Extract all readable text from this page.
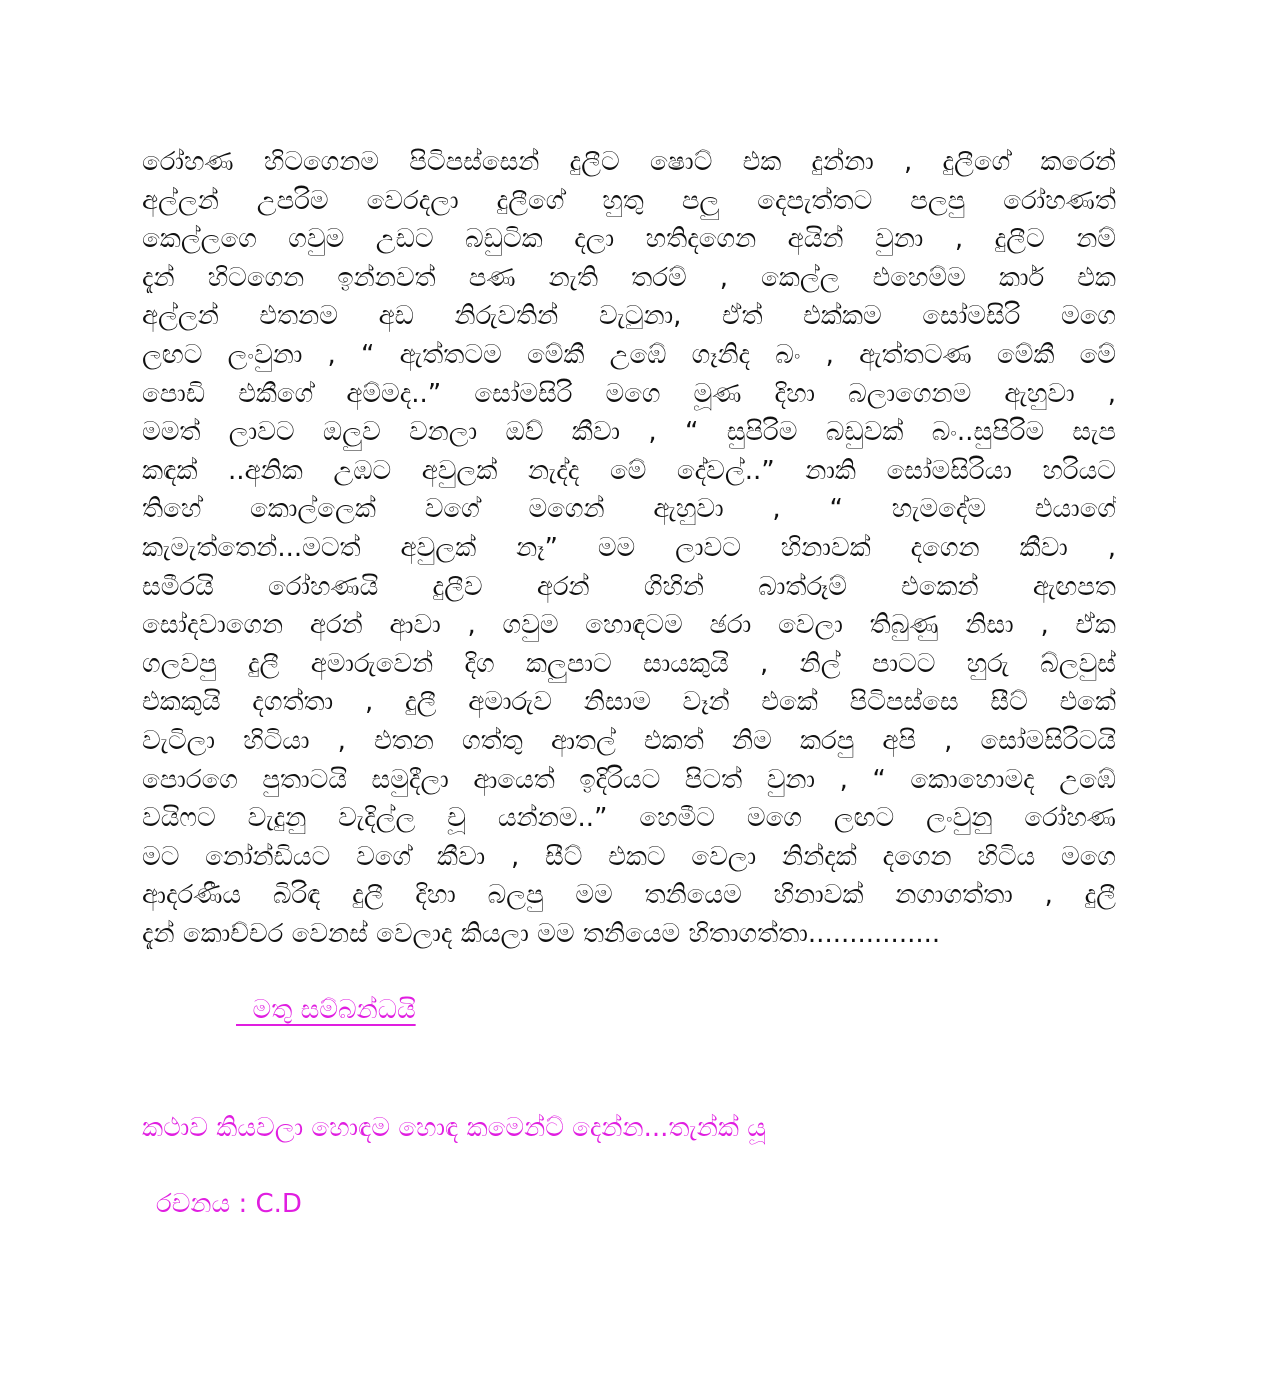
රෝහණ හිටගෙනම පිටිපස්සෙන් දුලීට ෂොට් එක දුන්නා , දුලීගේ කරෙන්
අල්ලන් උපරිම වෙරදලා දුලීගේ හුතු පලු දෙපැත්තට පලපු රෝහණත්
කෙල්ලගෙ ගවුම උඩට බඩුටික දලා හතිදගෙන අයින් වුනා , දුලීට නම්
දැන් හිටගෙන ඉන්නවත් පණ නැති තරම් , කෙල්ල එහෙම්ම කාර් එක
අල්ලන් එතනම අඩ නිරුවතින් වැටුනා, ඒත් එක්කම සෝමසිරි මගෙ
ලඟට ලංවුනා , “ ඇත්තටම මේකී උඹේ ගෑනිද බං , ඇත්තටණ මේකී මේ
පොඩි එකීගේ අම්මද..” සෝමසිරි මගෙ මූණ දිහා බලාගෙනම ඇහුවා ,
මමත් ලාවට ඔලුව වනලා ඔව් කීවා , “ සුපිරිම බඩුවක් බං..සුපිරිම සැප
කඳක් ..අනික උඹට අවුලක් නැද්ද මේ දේවල්..” නාකි සෝමසිරියා හරියට
තිහේ කොල්ලෙක් වගේ මගෙන් ඇහුවා , “ හැමදේම එයාගේ
කැමැත්තෙන්...මටත් අවුලක් නෑ” මම ලාවට හිනාවක් දගෙන කීවා ,
සමීරයි රෝහණයි දුලීව අරන් ගිහින් බාත්රූම් එකෙන් ඇඟපත
සෝදවාගෙන අරන් ආවා , ගවුම හොඳටම ඡරා වෙලා තිබුණු නිසා , ඒක
ගලවපු දුලී අමාරුවෙන් දිග කලුපාට සායකුයි , නිල් පාටට හුරු බ්ලවුස්
එකකුයි දගත්තා , දුලී අමාරුව නිසාම වෑන් එකේ පිටිපස්සෙ සීට් එකේ
වැටිලා හිටියා , එතන ගත්තු ආතල් එකත් නිම කරපු අපි , සෝමසිරිටයි
පොරගෙ පුතාටයි සමුදීලා ආයෙත් ඉදිරියට පිටත් වුනා , “ කොහොමද උඹේ
වයිෆට වැදුනු වැදිල්ල චූ යන්නම..” හෙමීට මගෙ ලඟට ලංවුනු රෝහණ
මට නෝන්ඩියට වගේ කීවා , සීට් එකට වෙලා නින්දක් දගෙන හිටිය මගෙ
ආදරණීය බිරිඳ දුලී දිහා බලපු මම තනියෙම හිනාවක් නගාගත්තා , දුලී
දැන් කොච්චර වෙනස් වෙලාද කියලා මම තනියෙම හිතාගත්තා................
මතු සම්බන්ධයි
කථාව කියවලා හොඳම හොඳ කමෙන්ට් දෙන්න...තැන්ක් යූ
රචනය : C.D
